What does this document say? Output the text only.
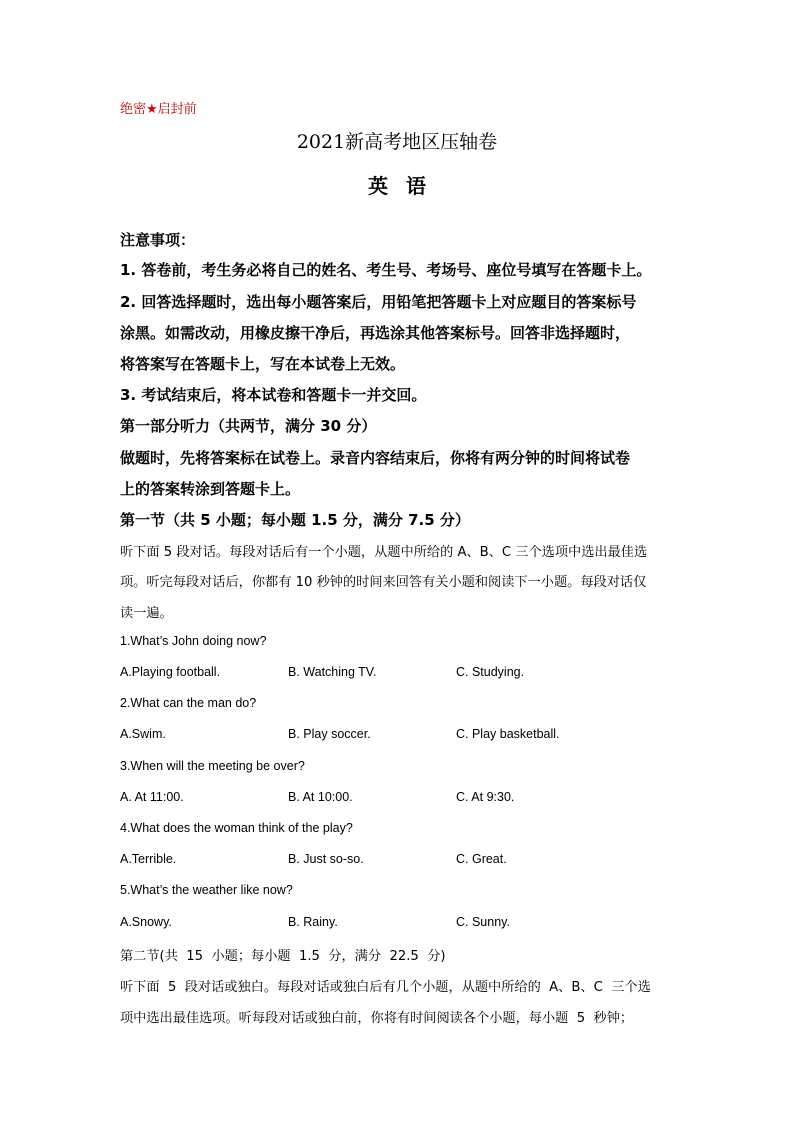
绝密★启封前
2021新高考地区压轴卷
英语
注意事项：
1. 答卷前，考生务必将自己的姓名、考生号、考场号、座位号填写在答题卡上。
2. 回答选择题时，选出每小题答案后，用铅笔把答题卡上对应题目的答案标号
涂黑。如需改动，用橡皮擦干净后，再选涂其他答案标号。回答非选择题时，
将答案写在答题卡上，写在本试卷上无效。
3. 考试结束后，将本试卷和答题卡一并交回。
第一部分听力（共两节，满分 30 分）
做题时，先将答案标在试卷上。录音内容结束后，你将有两分钟的时间将试卷
上的答案转涂到答题卡上。
第一节（共 5 小题；每小题 1.5 分，满分 7.5 分）
听下面 5 段对话。每段对话后有一个小题，从题中所给的 A、B、C 三个选项中选出最佳选
项。听完每段对话后，你都有 10 秒钟的时间来回答有关小题和阅读下一小题。每段对话仅
读一遍。
1.What’s John doing now?
A.Playing football.	B. Watching TV.	C. Studying.
2.What can the man do?
A.Swim.	B. Play soccer.	C. Play basketball.
3.When will the meeting be over?
A. At 11:00.	B. At 10:00.	C. At 9:30.
4.What does the woman think of the play?
A.Terrible.	B. Just so-so.	C. Great.
5.What’s the weather like now?
A.Snowy.	B. Rainy.	C. Sunny.
第二节(共  15  小题；每小题  1.5  分，满分  22.5  分)
听下面  5  段对话或独白。每段对话或独白后有几个小题，从题中所给的  A、B、C  三个选
项中选出最佳选项。听每段对话或独白前，你将有时间阅读各个小题，每小题  5  秒钟；
